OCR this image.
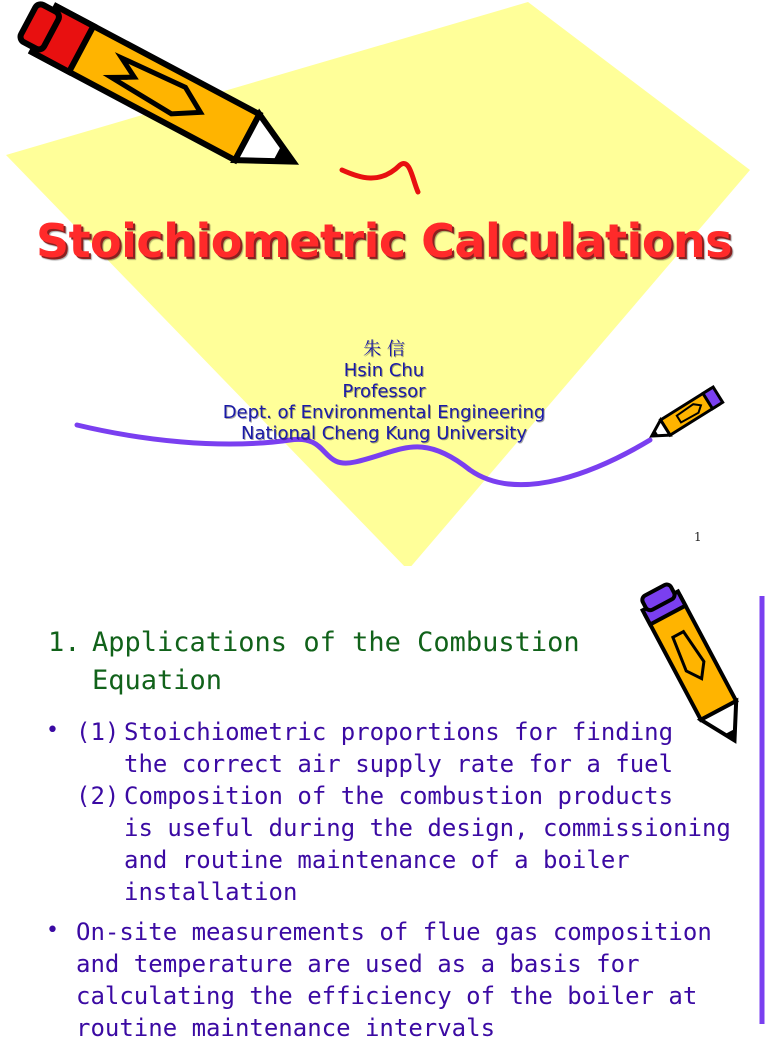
Stoichiometric Calculations
朱 信
Hsin Chu
Professor
Dept. of Environmental Engineering
National Cheng Kung University
1
1. Applications of the Combustion
Equation
• (1) Stoichiometric proportions for finding
the correct air supply rate for a fuel
(2) Composition of the combustion products
is useful during the design, commissioning
and routine maintenance of a boiler
installation
• On-site measurements of flue gas composition
and temperature are used as a basis for
calculating the efficiency of the boiler at
routine maintenance intervals
